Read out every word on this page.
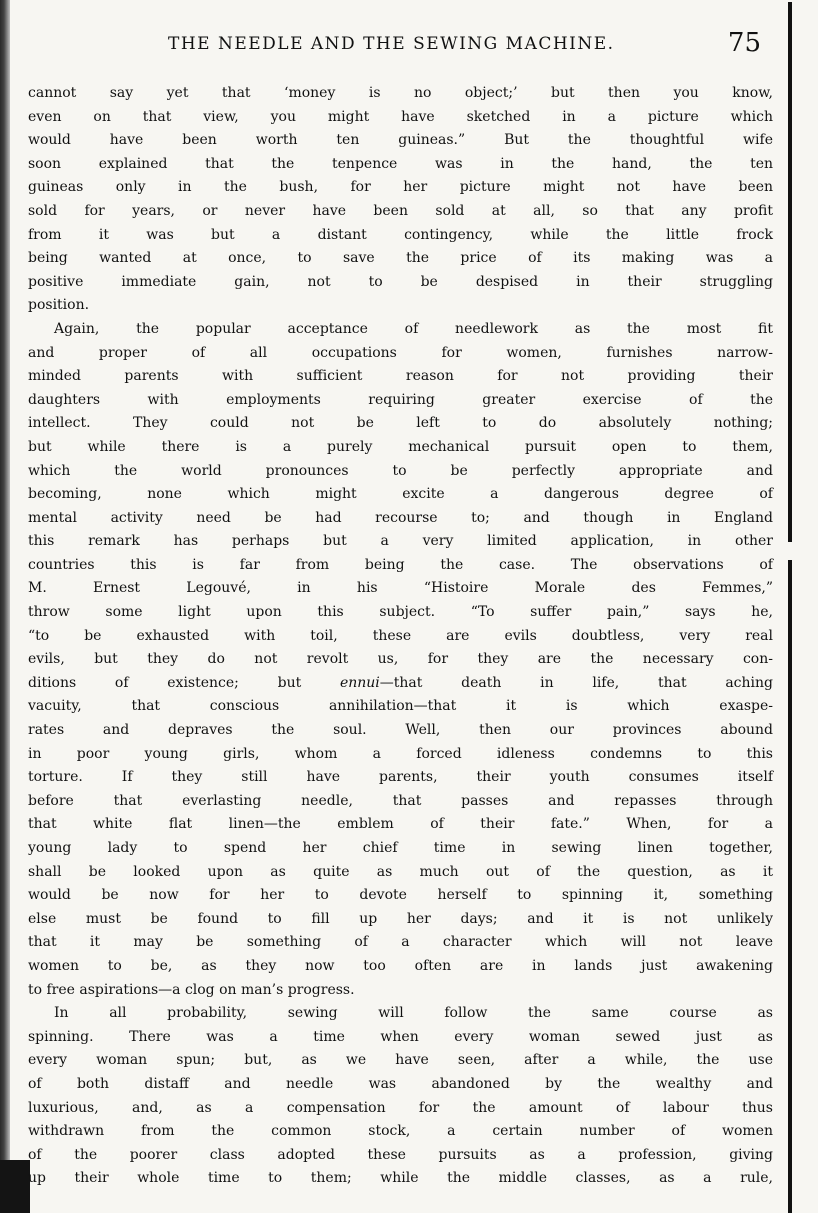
THE NEEDLE AND THE SEWING MACHINE.	75
cannot say yet that ‘money is no object;’ but then you know,
even on that view, you might have sketched in a picture which
would have been worth ten guineas.” But the thoughtful wife
soon explained that the tenpence was in the hand, the ten
guineas only in the bush, for her picture might not have been
sold for years, or never have been sold at all, so that any profit
from it was but a distant contingency, while the little frock
being wanted at once, to save the price of its making was a
positive immediate gain, not to be despised in their struggling
position.
Again, the popular acceptance of needlework as the most fit
and proper of all occupations for women, furnishes narrow-
minded parents with sufficient reason for not providing their
daughters with employments requiring greater exercise of the
intellect. They could not be left to do absolutely nothing;
but while there is a purely mechanical pursuit open to them,
which the world pronounces to be perfectly appropriate and
becoming, none which might excite a dangerous degree of
mental activity need be had recourse to; and though in England
this remark has perhaps but a very limited application, in other
countries this is far from being the case. The observations of
M. Ernest Legouvé, in his “Histoire Morale des Femmes,”
throw some light upon this subject. “To suffer pain,” says he,
“to be exhausted with toil, these are evils doubtless, very real
evils, but they do not revolt us, for they are the necessary con-
ditions of existence; but ennui—that death in life, that aching
vacuity, that conscious annihilation—that it is which exaspe-
rates and depraves the soul. Well, then our provinces abound
in poor young girls, whom a forced idleness condemns to this
torture. If they still have parents, their youth consumes itself
before that everlasting needle, that passes and repasses through
that white flat linen—the emblem of their fate.” When, for a
young lady to spend her chief time in sewing linen together,
shall be looked upon as quite as much out of the question, as it
would be now for her to devote herself to spinning it, something
else must be found to fill up her days; and it is not unlikely
that it may be something of a character which will not leave
women to be, as they now too often are in lands just awakening
to free aspirations—a clog on man’s progress.
In all probability, sewing will follow the same course as
spinning. There was a time when every woman sewed just as
every woman spun; but, as we have seen, after a while, the use
of both distaff and needle was abandoned by the wealthy and
luxurious, and, as a compensation for the amount of labour thus
withdrawn from the common stock, a certain number of women
of the poorer class adopted these pursuits as a profession, giving
up their whole time to them; while the middle classes, as a rule,
